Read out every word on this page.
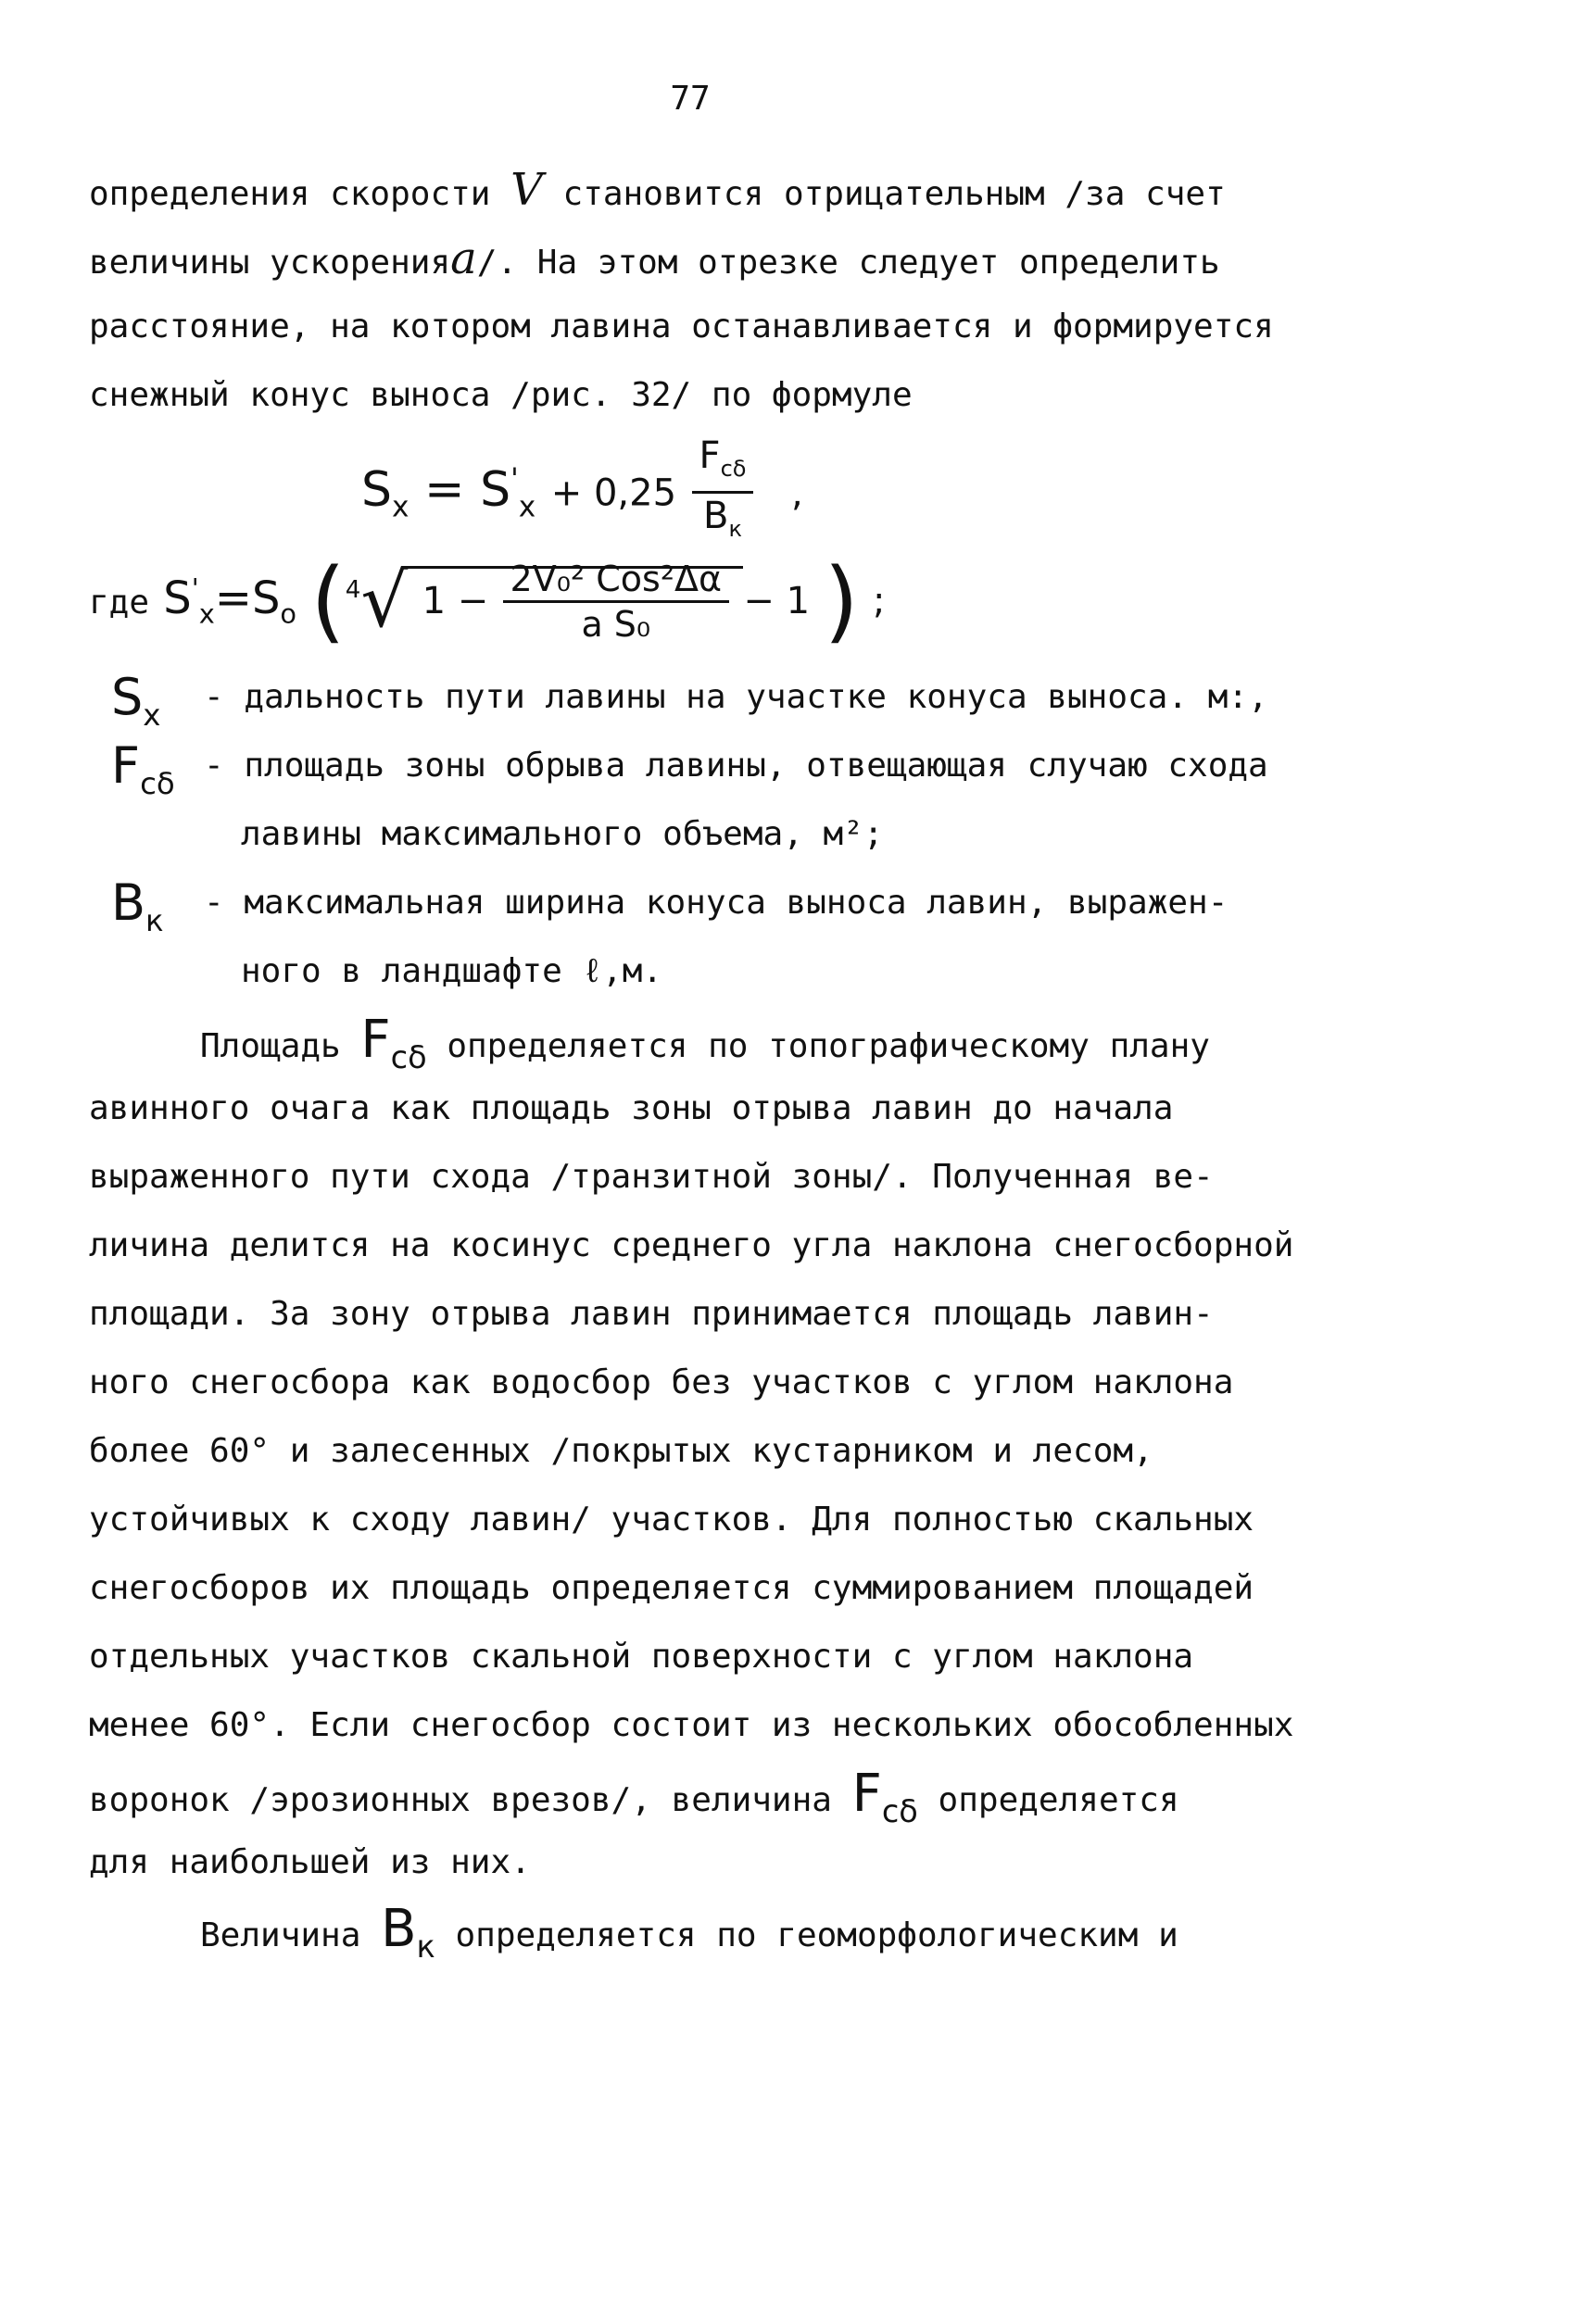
77
определения скорости V становится отрицательным /за счет
величины ускоренияa/. На этом отрезке следует определить
расстояние, на котором лавина останавливается и формируется
снежный конус выноса /рис. 32/ по формуле
$S_x = S'_x + 0,25 \frac{F_{c\delta}}{B_к}$ ,
где $S'_x=S_o$ ($^4$√ $1 - \frac{\text{2V₀² Cos²Δα}}{\text{a S₀}} - 1$ ) ;
$S_x$	- дальность пути лавины на участке конуса выноса. м:,
$F_{c\delta}$ - площадь зоны обрыва лавины, отвещающая случаю схода
лавины максимального объема, м²;
$B_к$	- максимальная ширина конуса выноса лавин, выражен-
ного в ландшафте ℓ,м.
Площадь $F_{c\delta}$ определяется по топографическому плану
авинного очага как площадь зоны отрыва лавин до начала
выраженного пути схода /транзитной зоны/. Полученная ве-
личина делится на косинус среднего угла наклона снегосборной
площади. За зону отрыва лавин принимается площадь лавин-
ного снегосбора как водосбор без участков с углом наклона
более 60° и залесенных /покрытых кустарником и лесом,
устойчивых к сходу лавин/ участков. Для полностью скальных
снегосборов их площадь определяется суммированием площадей
отдельных участков скальной поверхности с углом наклона
менее 60°. Если снегосбор состоит из нескольких обособленных
воронок /эрозионных врезов/, величина $F_{c\delta}$ определяется
для наибольшей из них.
Величина $B_к$ определяется по геоморфологическим и
